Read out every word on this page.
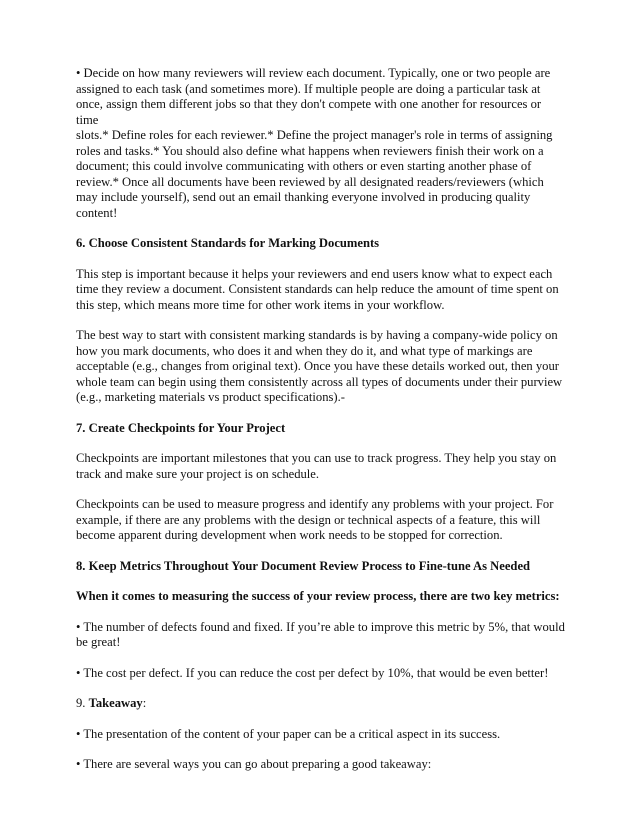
• Decide on how many reviewers will review each document. Typically, one or two people are
assigned to each task (and sometimes more). If multiple people are doing a particular task at
once, assign them different jobs so that they don't compete with one another for resources or time
slots.* Define roles for each reviewer.* Define the project manager's role in terms of assigning
roles and tasks.* You should also define what happens when reviewers finish their work on a
document; this could involve communicating with others or even starting another phase of
review.* Once all documents have been reviewed by all designated readers/reviewers (which
may include yourself), send out an email thanking everyone involved in producing quality
content!

6. Choose Consistent Standards for Marking Documents

This step is important because it helps your reviewers and end users know what to expect each
time they review a document. Consistent standards can help reduce the amount of time spent on
this step, which means more time for other work items in your workflow.

The best way to start with consistent marking standards is by having a company-wide policy on
how you mark documents, who does it and when they do it, and what type of markings are
acceptable (e.g., changes from original text). Once you have these details worked out, then your
whole team can begin using them consistently across all types of documents under their purview
(e.g., marketing materials vs product specifications).-

7. Create Checkpoints for Your Project

Checkpoints are important milestones that you can use to track progress. They help you stay on
track and make sure your project is on schedule.

Checkpoints can be used to measure progress and identify any problems with your project. For
example, if there are any problems with the design or technical aspects of a feature, this will
become apparent during development when work needs to be stopped for correction.

8. Keep Metrics Throughout Your Document Review Process to Fine-tune As Needed

When it comes to measuring the success of your review process, there are two key metrics:

• The number of defects found and fixed. If you’re able to improve this metric by 5%, that would
be great!

• The cost per defect. If you can reduce the cost per defect by 10%, that would be even better!

9. Takeaway:

• The presentation of the content of your paper can be a critical aspect in its success.

• There are several ways you can go about preparing a good takeaway:
